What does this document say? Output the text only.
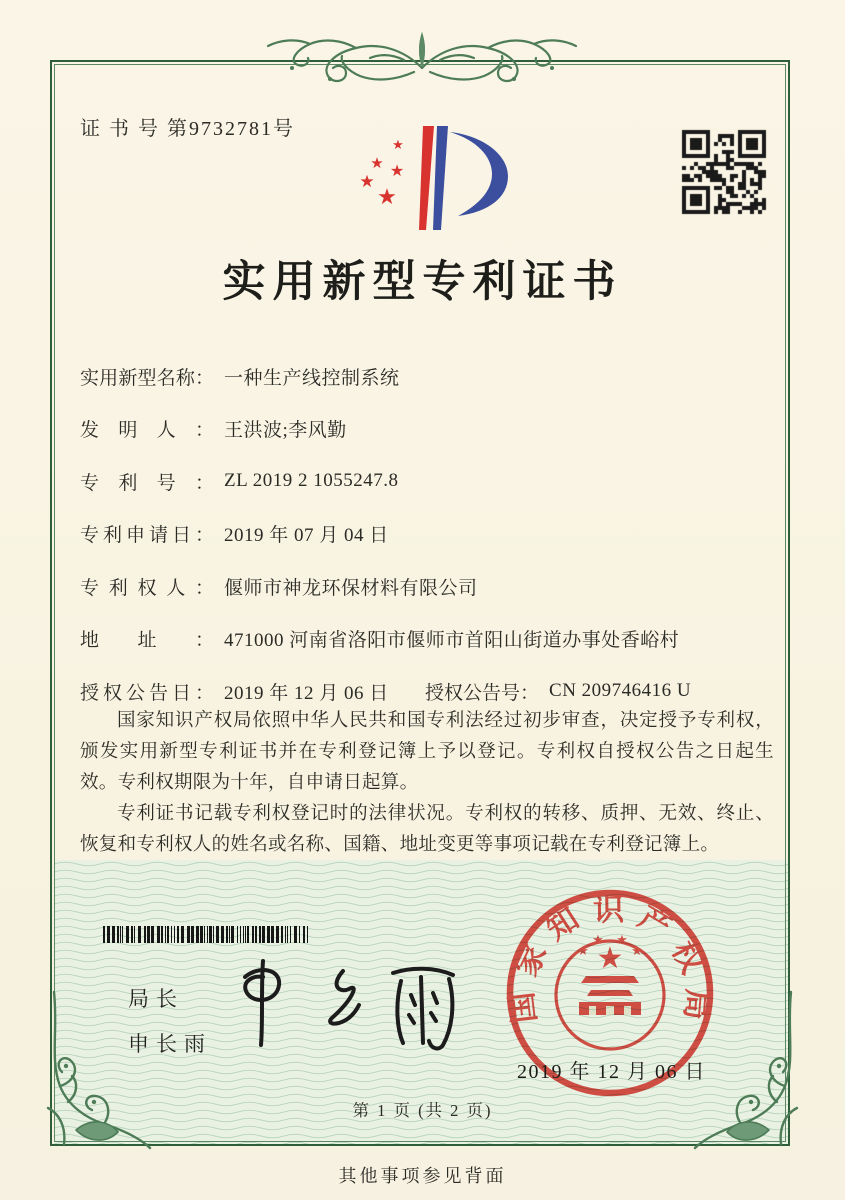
证 书 号 第9732781号
★
★ ★
★
★
实用新型专利证书
实用新型名称： 一种生产线控制系统
发明人： 王洪波;李风勤
专利号： ZL 2019 2 1055247.8
专利申请日： 2019 年 07 月 04 日
专利权人： 偃师市神龙环保材料有限公司
地址： 471000 河南省洛阳市偃师市首阳山街道办事处香峪村
授权公告日： 2019 年 12 月 06 日 授权公告号： CN 209746416 U

国家知识产权局依照中华人民共和国专利法经过初步审查，决定授予专利权，颁发实用新型专利证书并在专利登记簿上予以登记。专利权自授权公告之日起生效。专利权期限为十年，自申请日起算。

专利证书记载专利权登记时的法律状况。专利权的转移、质押、无效、终止、恢复和专利权人的姓名或名称、国籍、地址变更等事项记载在专利登记簿上。

局长
申长雨
国家知识产权局
★
★
★ ★
★
2019 年 12 月 06 日
第 1 页 (共 2 页)
其他事项参见背面
